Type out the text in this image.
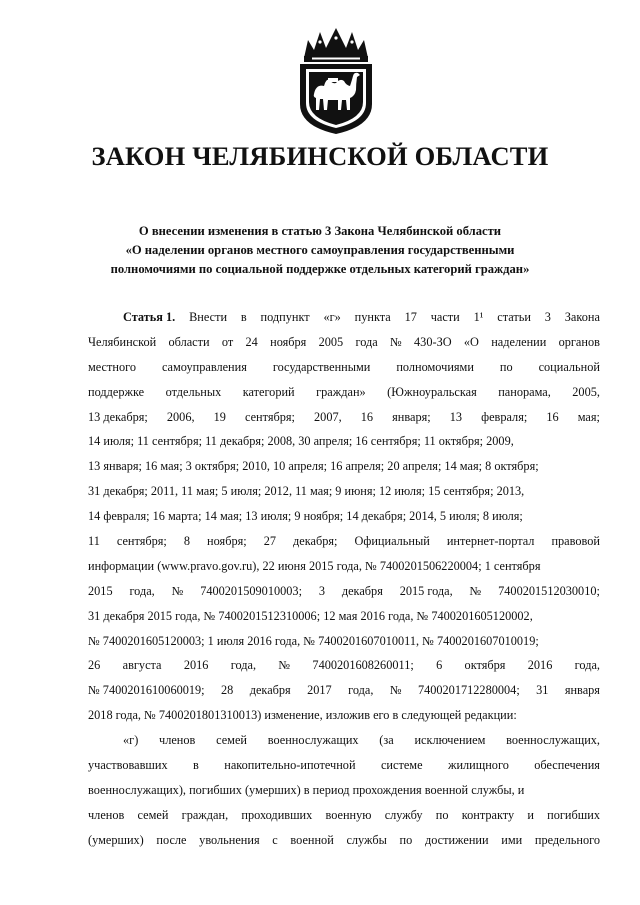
ЗАКОН ЧЕЛЯБИНСКОЙ ОБЛАСТИ
О внесении изменения в статью 3 Закона Челябинской области
«О наделении органов местного самоуправления государственными
полномочиями по социальной поддержке отдельных категорий граждан»
Статья 1. Внести в подпункт «г» пункта 17 части 1¹ статьи 3 Закона
Челябинской области от 24 ноября 2005 года № 430-ЗО «О наделении органов
местного самоуправления государственными полномочиями по социальной
поддержке отдельных категорий граждан» (Южноуральская панорама, 2005,
13 декабря; 2006, 19 сентября; 2007, 16 января; 13 февраля; 16 мая;
14 июля; 11 сентября; 11 декабря; 2008, 30 апреля; 16 сентября; 11 октября; 2009,
13 января; 16 мая; 3 октября; 2010, 10 апреля; 16 апреля; 20 апреля; 14 мая; 8 октября;
31 декабря; 2011, 11 мая; 5 июля; 2012, 11 мая; 9 июня; 12 июля; 15 сентября; 2013,
14 февраля; 16 марта; 14 мая; 13 июля; 9 ноября; 14 декабря; 2014, 5 июля; 8 июля;
11 сентября; 8 ноября; 27 декабря; Официальный интернет-портал правовой
информации (www.pravo.gov.ru), 22 июня 2015 года, № 7400201506220004; 1 сентября
2015 года, № 7400201509010003; 3 декабря 2015 года, № 7400201512030010;
31 декабря 2015 года, № 7400201512310006; 12 мая 2016 года, № 7400201605120002,
№ 7400201605120003; 1 июля 2016 года, № 7400201607010011, № 7400201607010019;
26 августа 2016 года, № 7400201608260011; 6 октября 2016 года,
№ 7400201610060019; 28 декабря 2017 года, № 7400201712280004; 31 января
2018 года, № 7400201801310013) изменение, изложив его в следующей редакции:
«г) членов семей военнослужащих (за исключением военнослужащих,
участвовавших в накопительно-ипотечной системе жилищного обеспечения
военнослужащих), погибших (умерших) в период прохождения военной службы, и
членов семей граждан, проходивших военную службу по контракту и погибших
(умерших) после увольнения с военной службы по достижении ими предельного
